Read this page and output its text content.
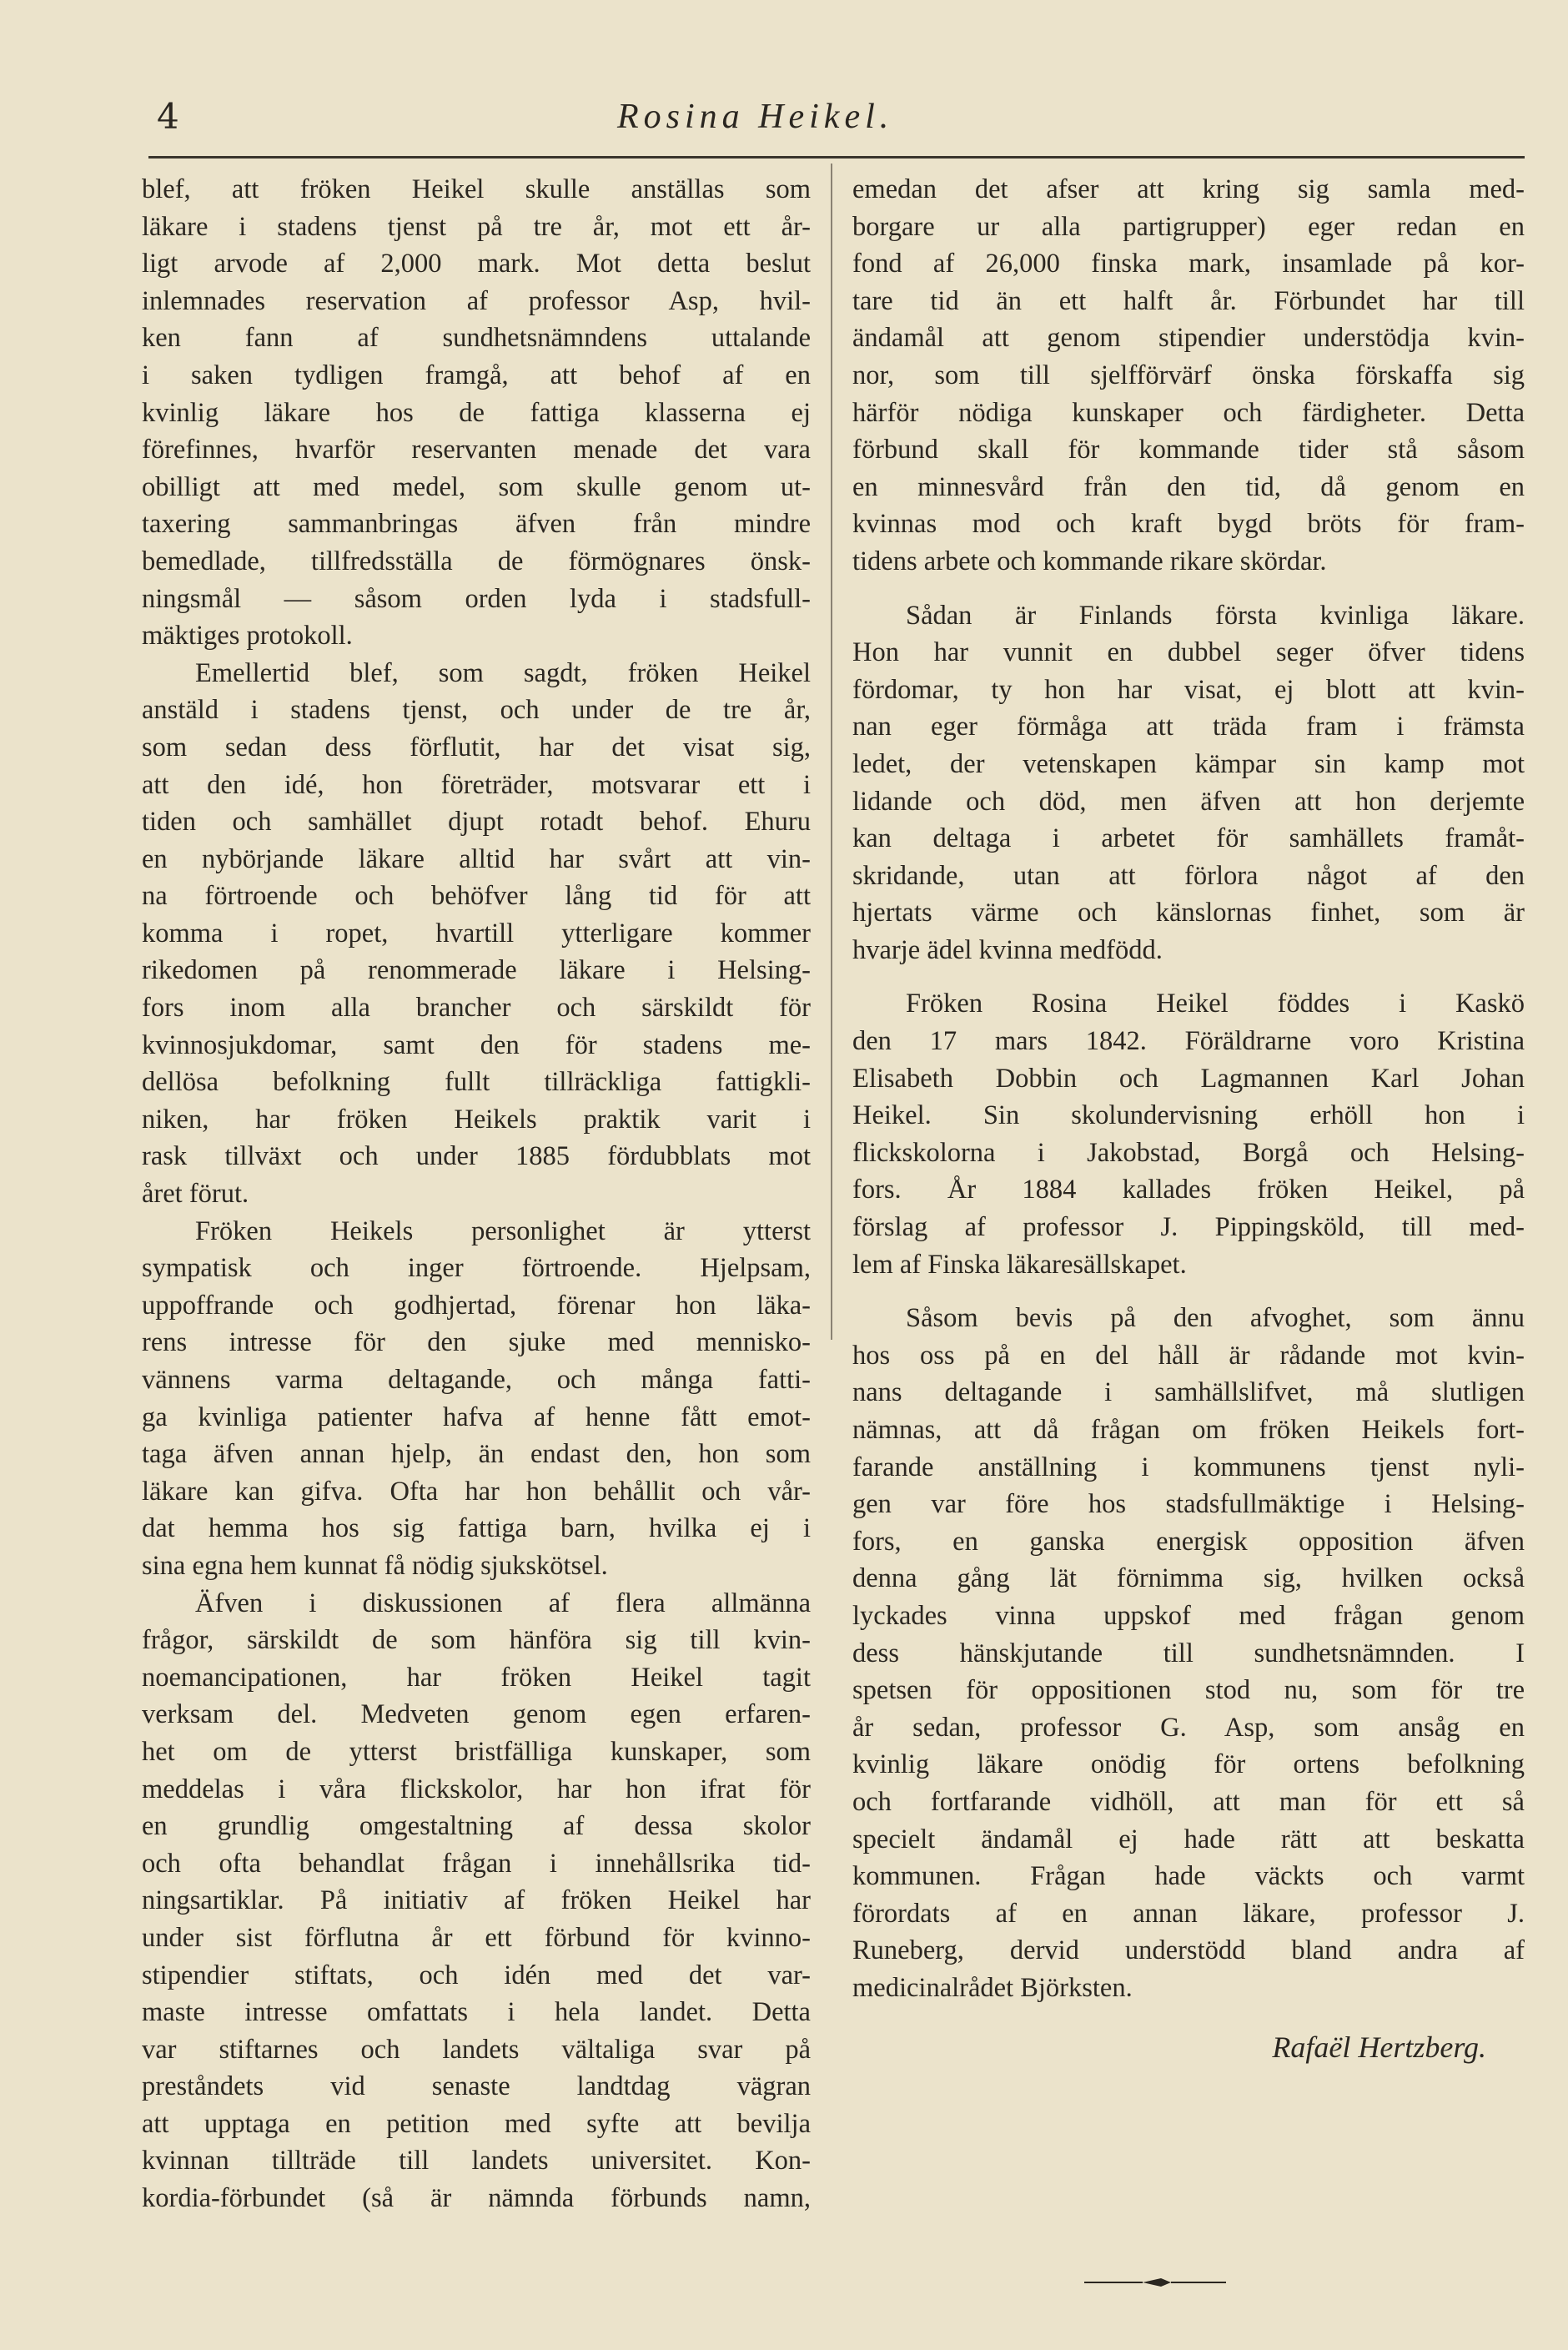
4	Rosina Heikel.
blef, att fröken Heikel skulle anställas som
läkare i stadens tjenst på tre år, mot ett år-
ligt arvode af 2,000 mark. Mot detta beslut
inlemnades reservation af professor Asp, hvil-
ken fann af sundhetsnämndens uttalande
i saken tydligen framgå, att behof af en
kvinlig läkare hos de fattiga klasserna ej
förefinnes, hvarför reservanten menade det vara
obilligt att med medel, som skulle genom ut-
taxering sammanbringas äfven från mindre
bemedlade, tillfredsställa de förmögnares önsk-
ningsmål — såsom orden lyda i stadsfull-
mäktiges protokoll.
Emellertid blef, som sagdt, fröken Heikel
anstäld i stadens tjenst, och under de tre år,
som sedan dess förflutit, har det visat sig,
att den idé, hon företräder, motsvarar ett i
tiden och samhället djupt rotadt behof. Ehuru
en nybörjande läkare alltid har svårt att vin-
na förtroende och behöfver lång tid för att
komma i ropet, hvartill ytterligare kommer
rikedomen på renommerade läkare i Helsing-
fors inom alla brancher och särskildt för
kvinnosjukdomar, samt den för stadens me-
dellösa befolkning fullt tillräckliga fattigkli-
niken, har fröken Heikels praktik varit i
rask tillväxt och under 1885 fördubblats mot
året förut.
Fröken Heikels personlighet är ytterst
sympatisk och inger förtroende. Hjelpsam,
uppoffrande och godhjertad, förenar hon läka-
rens intresse för den sjuke med mennisko-
vännens varma deltagande, och många fatti-
ga kvinliga patienter hafva af henne fått emot-
taga äfven annan hjelp, än endast den, hon som
läkare kan gifva. Ofta har hon behållit och vår-
dat hemma hos sig fattiga barn, hvilka ej i
sina egna hem kunnat få nödig sjukskötsel.
Äfven i diskussionen af flera allmänna
frågor, särskildt de som hänföra sig till kvin-
noemancipationen, har fröken Heikel tagit
verksam del. Medveten genom egen erfaren-
het om de ytterst bristfälliga kunskaper, som
meddelas i våra flickskolor, har hon ifrat för
en grundlig omgestaltning af dessa skolor
och ofta behandlat frågan i innehållsrika tid-
ningsartiklar. På initiativ af fröken Heikel har
under sist förflutna år ett förbund för kvinno-
stipendier stiftats, och idén med det var-
maste intresse omfattats i hela landet. Detta
var stiftarnes och landets vältaliga svar på
preståndets vid senaste landtdag vägran
att upptaga en petition med syfte att bevilja
kvinnan tillträde till landets universitet. Kon-
kordia-förbundet (så är nämnda förbunds namn,
emedan det afser att kring sig samla med-
borgare ur alla partigrupper) eger redan en
fond af 26,000 finska mark, insamlade på kor-
tare tid än ett halft år. Förbundet har till
ändamål att genom stipendier understödja kvin-
nor, som till sjelfförvärf önska förskaffa sig
härför nödiga kunskaper och färdigheter. Detta
förbund skall för kommande tider stå såsom
en minnesvård från den tid, då genom en
kvinnas mod och kraft bygd bröts för fram-
tidens arbete och kommande rikare skördar.
Sådan är Finlands första kvinliga läkare.
Hon har vunnit en dubbel seger öfver tidens
fördomar, ty hon har visat, ej blott att kvin-
nan eger förmåga att träda fram i främsta
ledet, der vetenskapen kämpar sin kamp mot
lidande och död, men äfven att hon derjemte
kan deltaga i arbetet för samhällets framåt-
skridande, utan att förlora något af den
hjertats värme och känslornas finhet, som är
hvarje ädel kvinna medfödd.
Fröken Rosina Heikel föddes i Kaskö
den 17 mars 1842. Föräldrarne voro Kristina
Elisabeth Dobbin och Lagmannen Karl Johan
Heikel. Sin skolundervisning erhöll hon i
flickskolorna i Jakobstad, Borgå och Helsing-
fors. År 1884 kallades fröken Heikel, på
förslag af professor J. Pippingsköld, till med-
lem af Finska läkaresällskapet.
Såsom bevis på den afvoghet, som ännu
hos oss på en del håll är rådande mot kvin-
nans deltagande i samhällslifvet, må slutligen
nämnas, att då frågan om fröken Heikels fort-
farande anställning i kommunens tjenst nyli-
gen var före hos stadsfullmäktige i Helsing-
fors, en ganska energisk opposition äfven
denna gång lät förnimma sig, hvilken också
lyckades vinna uppskof med frågan genom
dess hänskjutande till sundhetsnämnden. I
spetsen för oppositionen stod nu, som för tre
år sedan, professor G. Asp, som ansåg en
kvinlig läkare onödig för ortens befolkning
och fortfarande vidhöll, att man för ett så
specielt ändamål ej hade rätt att beskatta
kommunen. Frågan hade väckts och varmt
förordats af en annan läkare, professor J.
Runeberg, dervid understödd bland andra af
medicinalrådet Björksten.
Rafaël Hertzberg.
